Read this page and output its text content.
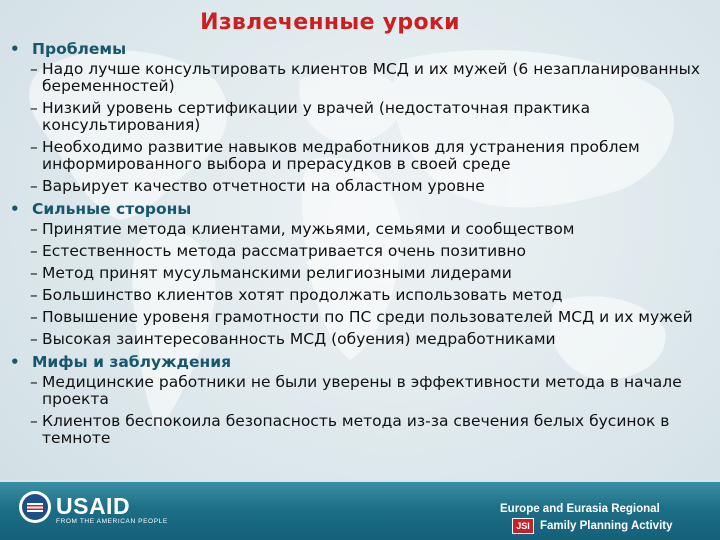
Извлеченные уроки
• Проблемы
– Надо лучше консультировать клиентов МСД и их мужей (6 незапланированных беременностей)
– Низкий уровень сертификации у врачей (недостаточная практика консультирования)
– Необходимо развитие навыков медработников для устранения проблем информированного выбора и прерасудков в своей среде
– Варьирует качество отчетности на областном уровне
• Сильные стороны
– Принятие метода клиентами, мужьями, семьями и сообществом
– Естественность метода рассматривается очень позитивно
– Метод принят мусульманскими религиозными лидерами
– Большинство клиентов хотят продолжать использовать метод
– Повышение уровеня грамотности по ПС среди пользователей МСД и их мужей
– Высокая заинтересованность МСД (обуения) медработниками
• Мифы и заблуждения
– Медицинские работники не были уверены в эффективности метода в начале проекта
– Клиентов беспокоила безопасность метода из-за свечения белых бусинок в темноте
USAID
FROM THE AMERICAN PEOPLE
Europe and Eurasia Regional
JSI Family Planning Activity
